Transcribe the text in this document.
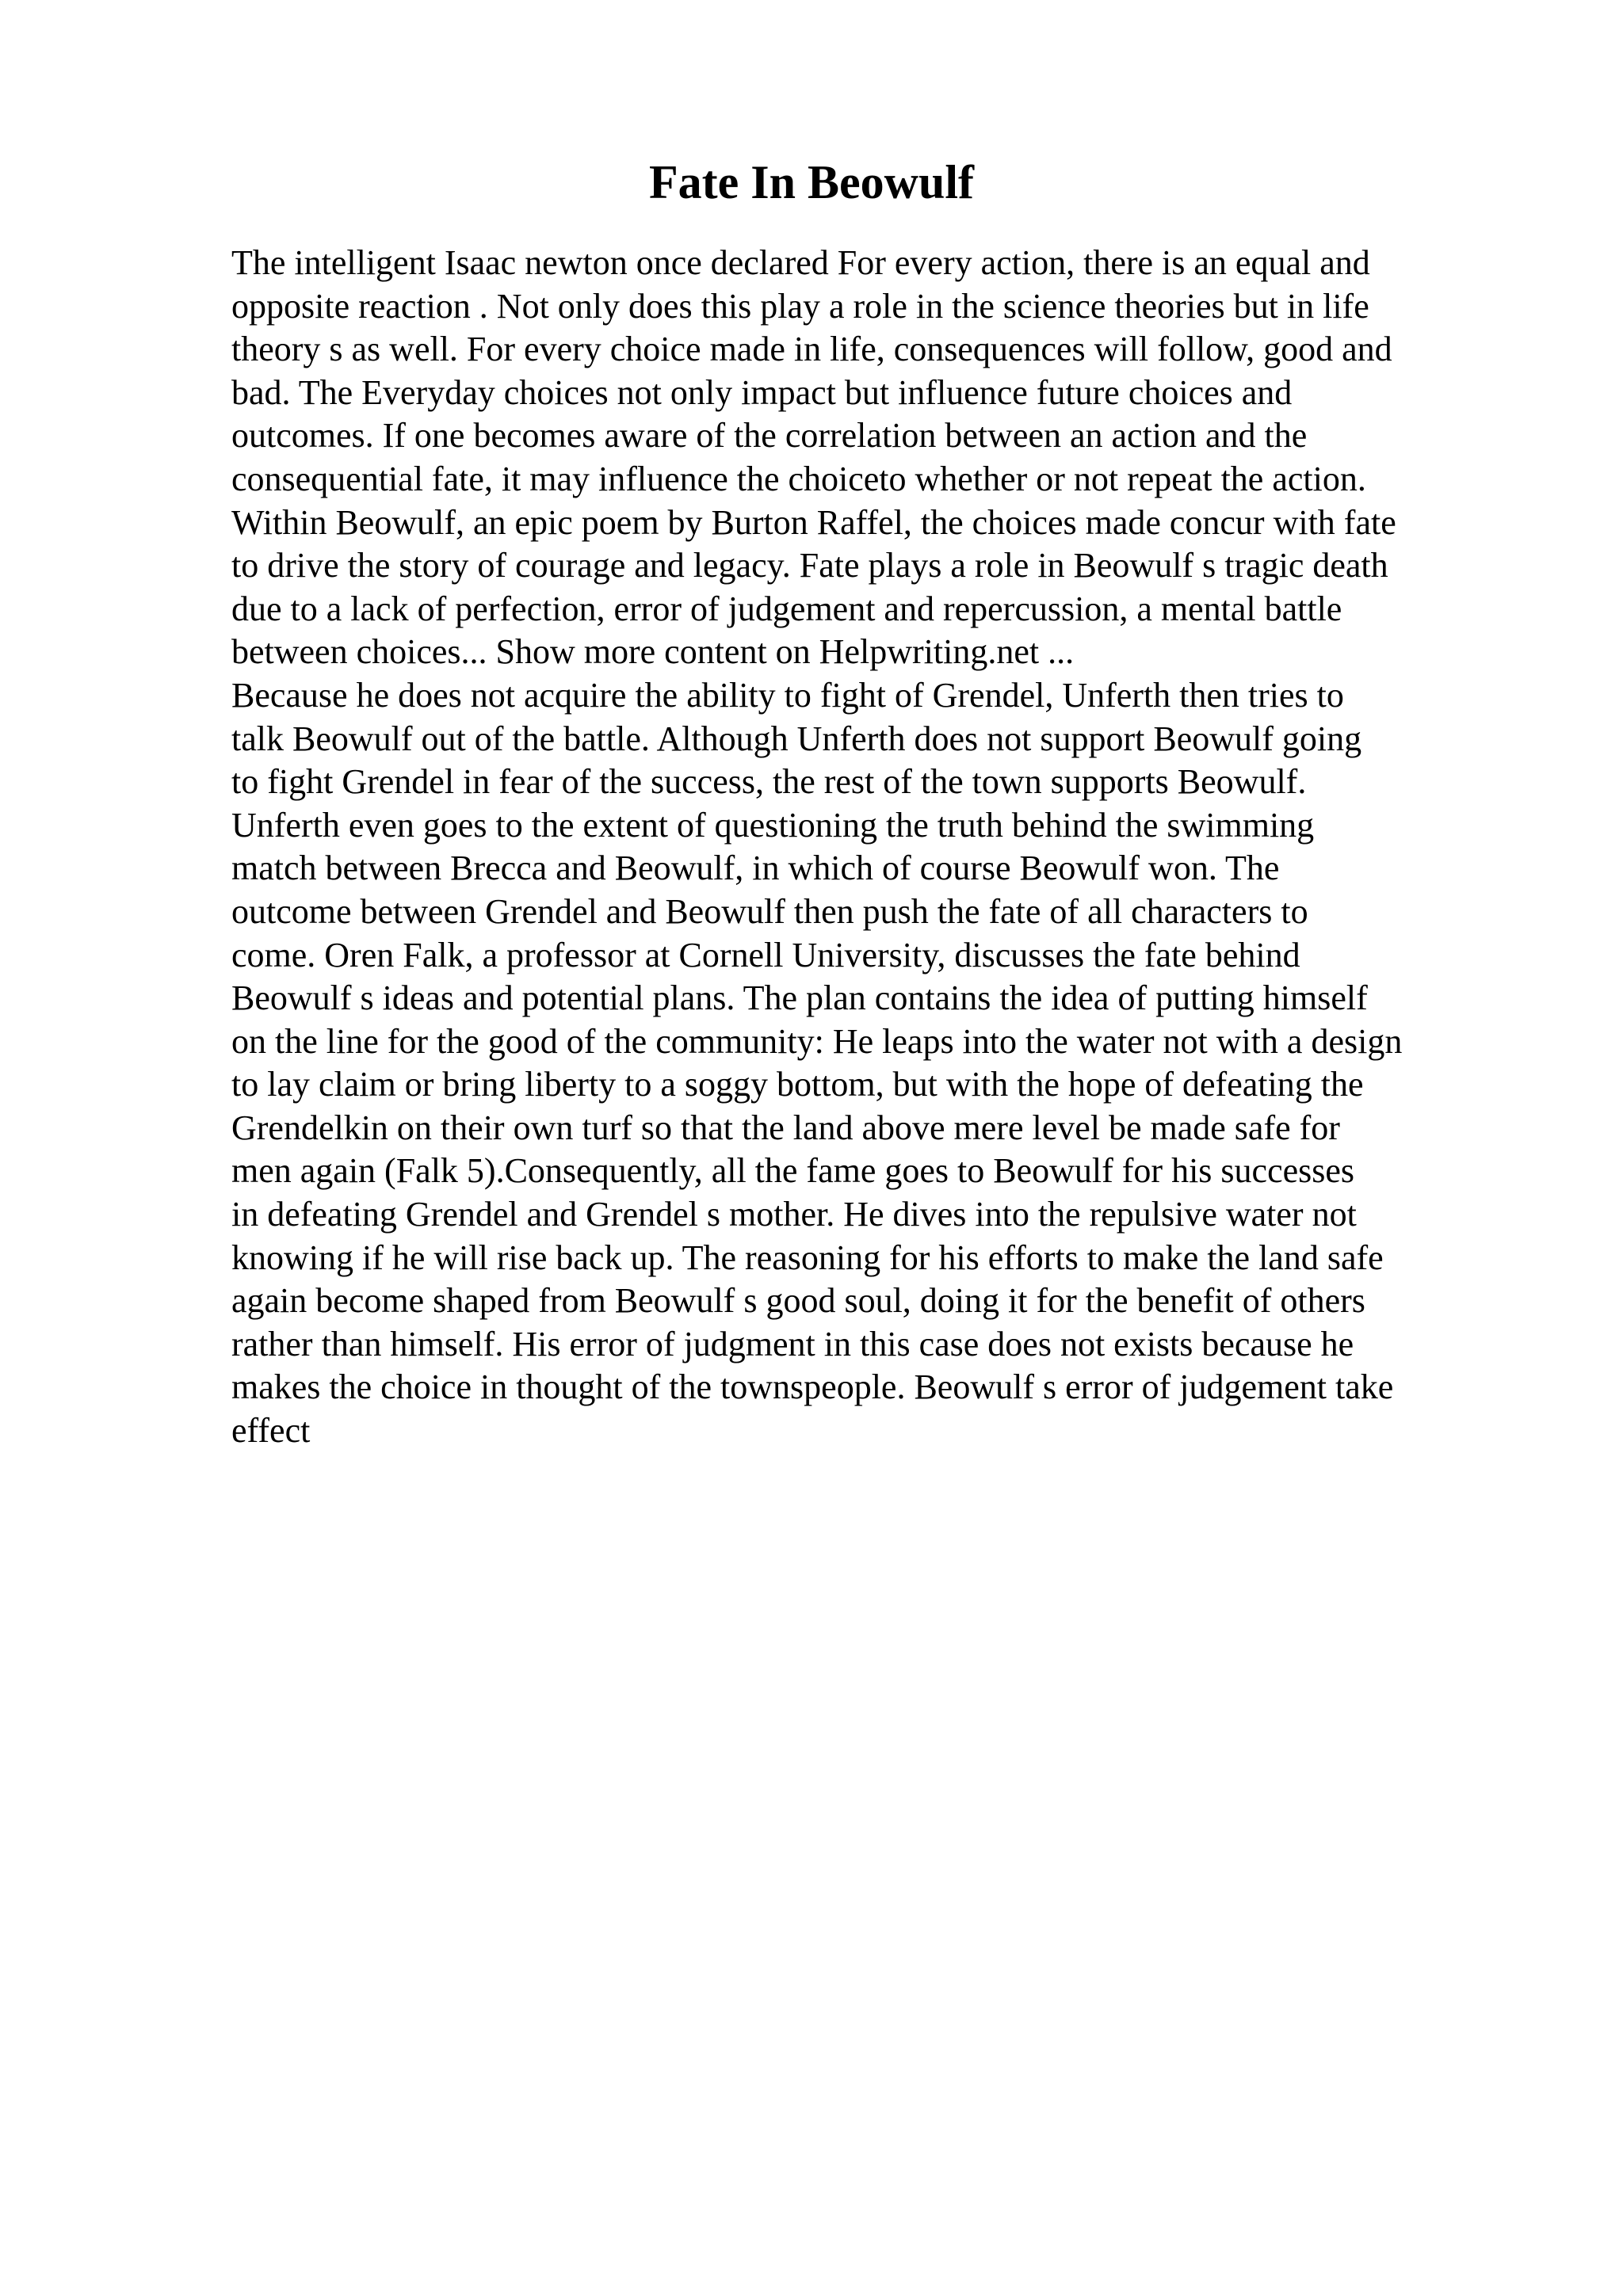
Fate In Beowulf
The intelligent Isaac newton once declared For every action, there is an equal and
opposite reaction . Not only does this play a role in the science theories but in life
theory s as well. For every choice made in life, consequences will follow, good and
bad. The Everyday choices not only impact but influence future choices and
outcomes. If one becomes aware of the correlation between an action and the
consequential fate, it may influence the choiceto whether or not repeat the action.
Within Beowulf, an epic poem by Burton Raffel, the choices made concur with fate
to drive the story of courage and legacy. Fate plays a role in Beowulf s tragic death
due to a lack of perfection, error of judgement and repercussion, a mental battle
between choices... Show more content on Helpwriting.net ...
Because he does not acquire the ability to fight of Grendel, Unferth then tries to
talk Beowulf out of the battle. Although Unferth does not support Beowulf going
to fight Grendel in fear of the success, the rest of the town supports Beowulf.
Unferth even goes to the extent of questioning the truth behind the swimming
match between Brecca and Beowulf, in which of course Beowulf won. The
outcome between Grendel and Beowulf then push the fate of all characters to
come. Oren Falk, a professor at Cornell University, discusses the fate behind
Beowulf s ideas and potential plans. The plan contains the idea of putting himself
on the line for the good of the community: He leaps into the water not with a design
to lay claim or bring liberty to a soggy bottom, but with the hope of defeating the
Grendelkin on their own turf so that the land above mere level be made safe for
men again (Falk 5).Consequently, all the fame goes to Beowulf for his successes
in defeating Grendel and Grendel s mother. He dives into the repulsive water not
knowing if he will rise back up. The reasoning for his efforts to make the land safe
again become shaped from Beowulf s good soul, doing it for the benefit of others
rather than himself. His error of judgment in this case does not exists because he
makes the choice in thought of the townspeople. Beowulf s error of judgement take
effect
